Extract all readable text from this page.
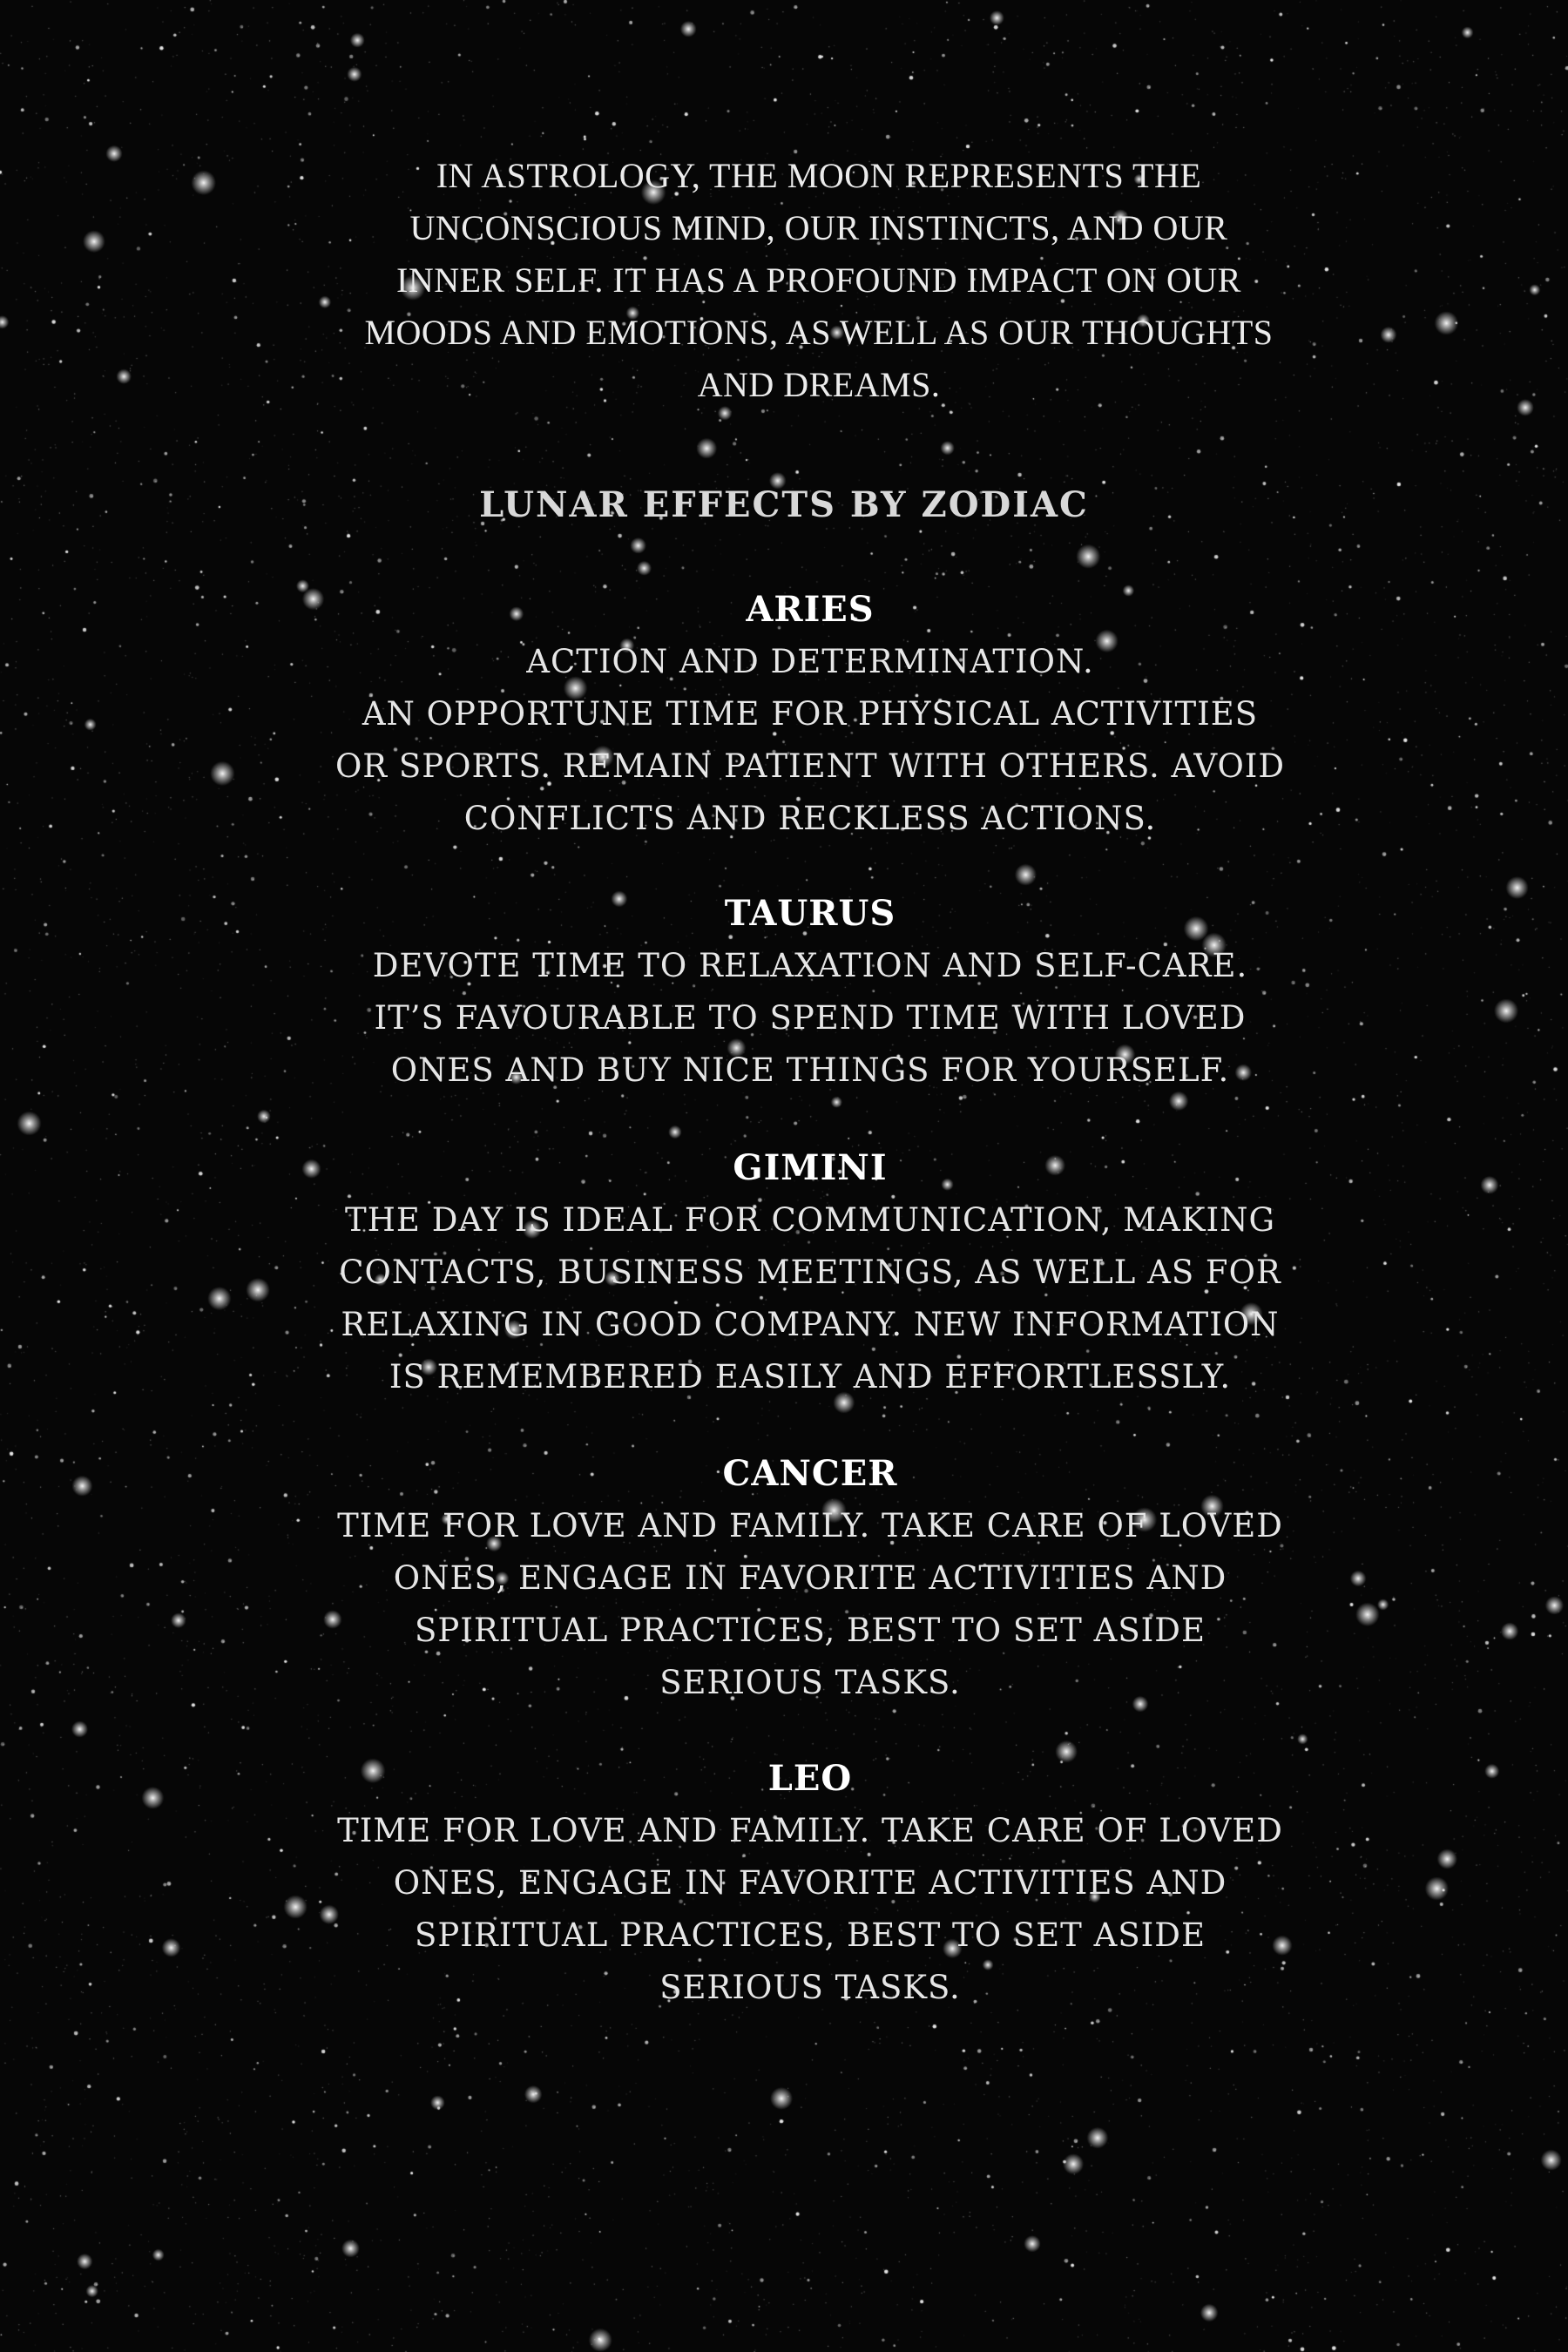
IN ASTROLOGY, THE MOON REPRESENTS THE
UNCONSCIOUS MIND, OUR INSTINCTS, AND OUR
INNER SELF. IT HAS A PROFOUND IMPACT ON OUR
MOODS AND EMOTIONS, AS WELL AS OUR THOUGHTS
AND DREAMS.

LUNAR EFFECTS BY ZODIAC
ARIES

ACTION AND DETERMINATION.
AN OPPORTUNE TIME FOR PHYSICAL ACTIVITIES
OR SPORTS. REMAIN PATIENT WITH OTHERS. AVOID
CONFLICTS AND RECKLESS ACTIONS.

TAURUS

DEVOTE TIME TO RELAXATION AND SELF-CARE.
IT’S FAVOURABLE TO SPEND TIME WITH LOVED
ONES AND BUY NICE THINGS FOR YOURSELF.

GIMINI

THE DAY IS IDEAL FOR COMMUNICATION, MAKING
CONTACTS, BUSINESS MEETINGS, AS WELL AS FOR
RELAXING IN GOOD COMPANY. NEW INFORMATION
IS REMEMBERED EASILY AND EFFORTLESSLY.

CANCER

TIME FOR LOVE AND FAMILY. TAKE CARE OF LOVED
ONES, ENGAGE IN FAVORITE ACTIVITIES AND
SPIRITUAL PRACTICES, BEST TO SET ASIDE
SERIOUS TASKS.

LEO

TIME FOR LOVE AND FAMILY. TAKE CARE OF LOVED
ONES, ENGAGE IN FAVORITE ACTIVITIES AND
SPIRITUAL PRACTICES, BEST TO SET ASIDE
SERIOUS TASKS.
